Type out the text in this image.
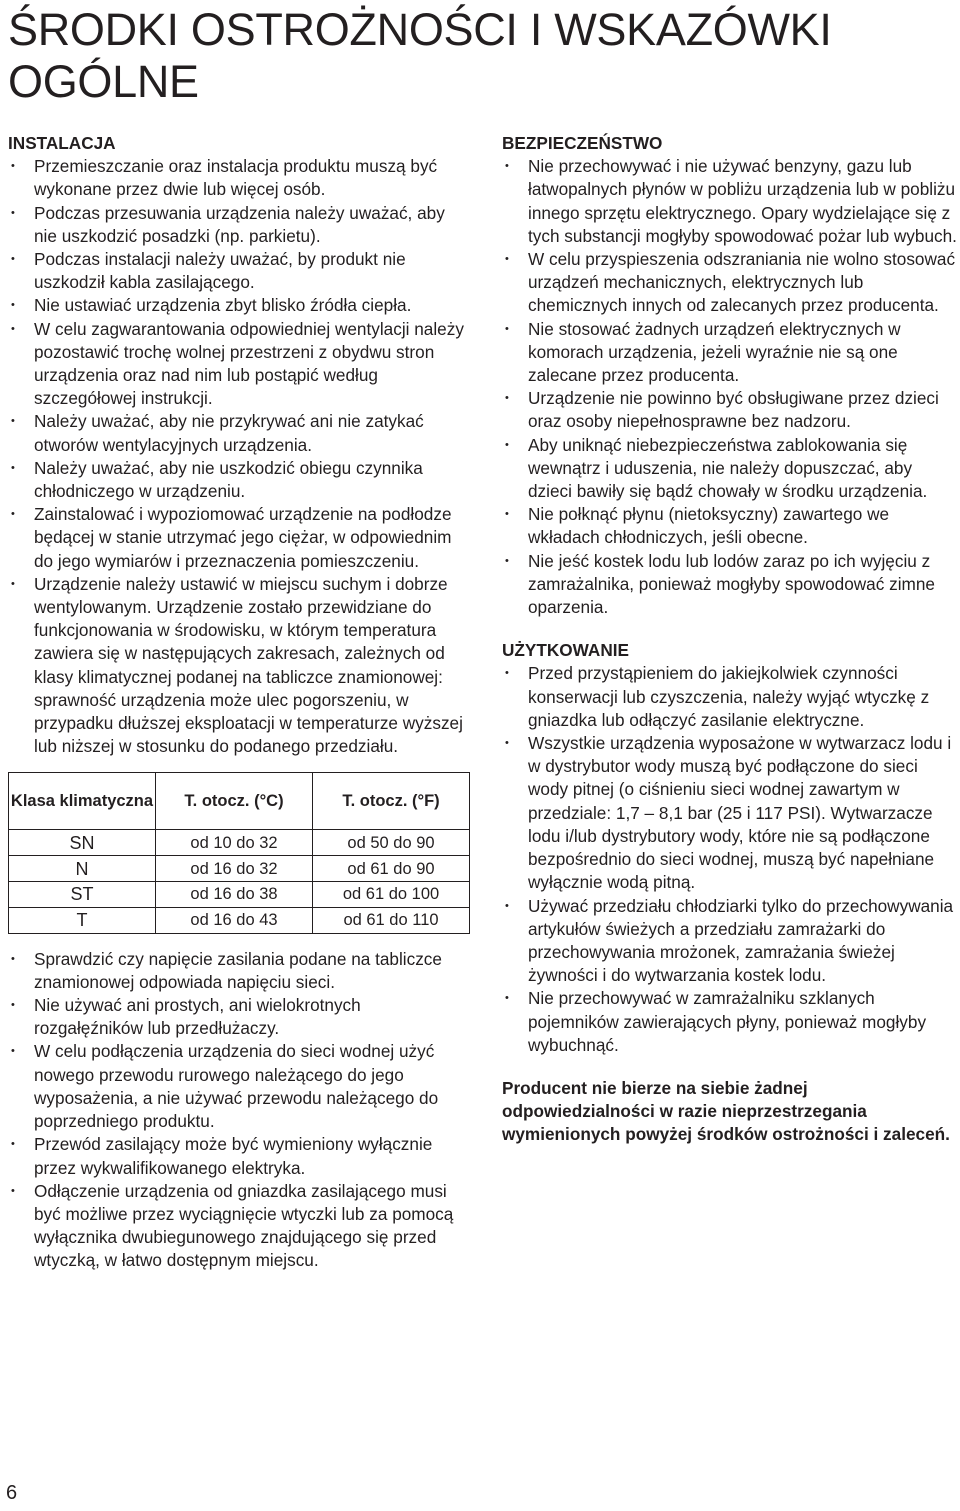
ŚRODKI OSTROŻNOŚCI I WSKAZÓWKI OGÓLNE

INSTALACJA

• Przemieszczanie oraz instalacja produktu muszą być wykonane przez dwie lub więcej osób.
• Podczas przesuwania urządzenia należy uważać, aby nie uszkodzić posadzki (np. parkietu).
• Podczas instalacji należy uważać, by produkt nie uszkodził kabla zasilającego.
• Nie ustawiać urządzenia zbyt blisko źródła ciepła.
• W celu zagwarantowania odpowiedniej wentylacji należy pozostawić trochę wolnej przestrzeni z obydwu stron urządzenia oraz nad nim lub postąpić według szczegółowej instrukcji.
• Należy uważać, aby nie przykrywać ani nie zatykać otworów wentylacyjnych urządzenia.
• Należy uważać, aby nie uszkodzić obiegu czynnika chłodniczego w urządzeniu.
• Zainstalować i wypoziomować urządzenie na podłodze będącej w stanie utrzymać jego ciężar, w odpowiednim do jego wymiarów i przeznaczenia pomieszczeniu.
• Urządzenie należy ustawić w miejscu suchym i dobrze wentylowanym. Urządzenie zostało przewidziane do funkcjonowania w środowisku, w którym temperatura zawiera się w następujących zakresach, zależnych od klasy klimatycznej podanej na tabliczce znamionowej: sprawność urządzenia może ulec pogorszeniu, w przypadku dłuższej eksploatacji w temperaturze wyższej lub niższej w stosunku do podanego przedziału.
Klasa klimatyczna	T. otocz. (°C)	T. otocz. (°F)
SN	od 10 do 32	od 50 do 90
N	od 16 do 32	od 61 do 90
ST	od 16 do 38	od 61 do 100
T	od 16 do 43	od 61 do 110
• Sprawdzić czy napięcie zasilania podane na tabliczce znamionowej odpowiada napięciu sieci.
• Nie używać ani prostych, ani wielokrotnych rozgałęźników lub przedłużaczy.
• W celu podłączenia urządzenia do sieci wodnej użyć nowego przewodu rurowego należącego do jego wyposażenia, a nie używać przewodu należącego do poprzedniego produktu.
• Przewód zasilający może być wymieniony wyłącznie przez wykwalifikowanego elektryka.
• Odłączenie urządzenia od gniazdka zasilającego musi być możliwe przez wyciągnięcie wtyczki lub za pomocą wyłącznika dwubiegunowego znajdującego się przed wtyczką, w łatwo dostępnym miejscu.

BEZPIECZEŃSTWO

• Nie przechowywać i nie używać benzyny, gazu lub łatwopalnych płynów w pobliżu urządzenia lub w pobliżu innego sprzętu elektrycznego. Opary wydzielające się z tych substancji mogłyby spowodować pożar lub wybuch.
• W celu przyspieszenia odszraniania nie wolno stosować urządzeń mechanicznych, elektrycznych lub chemicznych innych od zalecanych przez producenta.
• Nie stosować żadnych urządzeń elektrycznych w komorach urządzenia, jeżeli wyraźnie nie są one zalecane przez producenta.
• Urządzenie nie powinno być obsługiwane przez dzieci oraz osoby niepełnosprawne bez nadzoru.
• Aby uniknąć niebezpieczeństwa zablokowania się wewnątrz i uduszenia, nie należy dopuszczać, aby dzieci bawiły się bądź chowały w środku urządzenia.
• Nie połknąć płynu (nietoksyczny) zawartego we wkładach chłodniczych, jeśli obecne.
• Nie jeść kostek lodu lub lodów zaraz po ich wyjęciu z zamrażalnika, ponieważ mogłyby spowodować zimne oparzenia.

UŻYTKOWANIE

• Przed przystąpieniem do jakiejkolwiek czynności konserwacji lub czyszczenia, należy wyjąć wtyczkę z gniazdka lub odłączyć zasilanie elektryczne.
• Wszystkie urządzenia wyposażone w wytwarzacz lodu i w dystrybutor wody muszą być podłączone do sieci wody pitnej (o ciśnieniu sieci wodnej zawartym w przedziale: 1,7 – 8,1 bar (25 i 117 PSI). Wytwarzacze lodu i/lub dystrybutory wody, które nie są podłączone bezpośrednio do sieci wodnej, muszą być napełniane wyłącznie wodą pitną.
• Używać przedziału chłodziarki tylko do przechowywania artykułów świeżych a przedziału zamrażarki do przechowywania mrożonek, zamrażania świeżej żywności i do wytwarzania kostek lodu.
• Nie przechowywać w zamrażalniku szklanych pojemników zawierających płyny, ponieważ mogłyby wybuchnąć.

Producent nie bierze na siebie żadnej odpowiedzialności w razie nieprzestrzegania wymienionych powyżej środków ostrożności i zaleceń.

6
